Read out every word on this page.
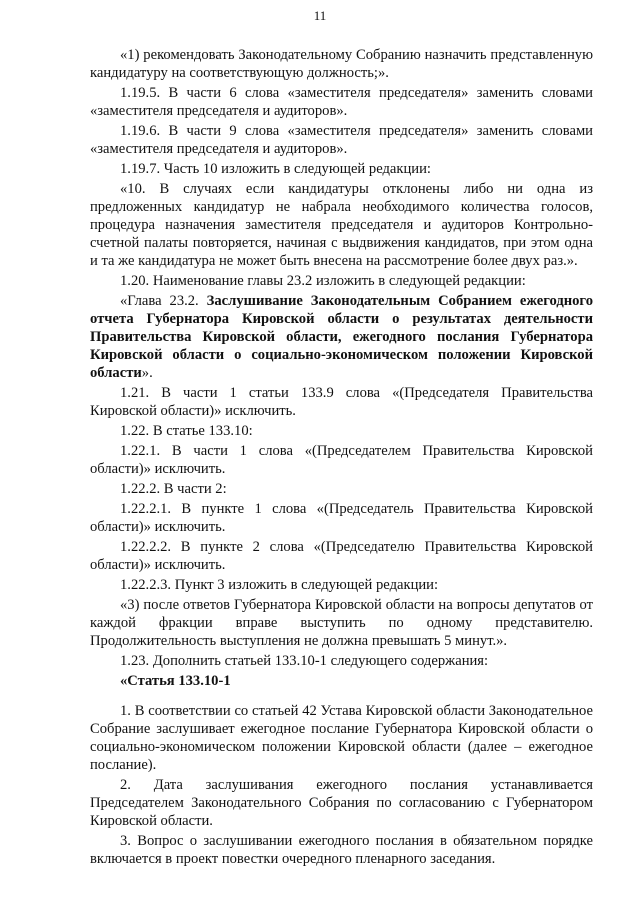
11

«1) рекомендовать Законодательному Собранию назначить представленную кандидатуру на соответствующую должность;».

1.19.5. В части 6 слова «заместителя председателя» заменить словами «заместителя председателя и аудиторов».

1.19.6. В части 9 слова «заместителя председателя» заменить словами «заместителя председателя и аудиторов».

1.19.7. Часть 10 изложить в следующей редакции:

«10. В случаях если кандидатуры отклонены либо ни одна из предложенных кандидатур не набрала необходимого количества голосов, процедура назначения заместителя председателя и аудиторов Контрольно-счетной палаты повторяется, начиная с выдвижения кандидатов, при этом одна и та же кандидатура не может быть внесена на рассмотрение более двух раз.».

1.20. Наименование главы 23.2 изложить в следующей редакции:

«Глава 23.2. Заслушивание Законодательным Собранием ежегодного отчета Губернатора Кировской области о результатах деятельности Правительства Кировской области, ежегодного послания Губернатора Кировской области о социально-экономическом положении Кировской области».

1.21. В части 1 статьи 133.9 слова «(Председателя Правительства Кировской области)» исключить.

1.22. В статье 133.10:

1.22.1. В части 1 слова «(Председателем Правительства Кировской области)» исключить.

1.22.2. В части 2:

1.22.2.1. В пункте 1 слова «(Председатель Правительства Кировской области)» исключить.

1.22.2.2. В пункте 2 слова «(Председателю Правительства Кировской области)» исключить.

1.22.2.3. Пункт 3 изложить в следующей редакции:

«3) после ответов Губернатора Кировской области на вопросы депутатов от каждой фракции вправе выступить по одному представителю. Продолжительность выступления не должна превышать 5 минут.».

1.23. Дополнить статьей 133.10-1 следующего содержания:

«Статья 133.10-1

1. В соответствии со статьей 42 Устава Кировской области Законодательное Собрание заслушивает ежегодное послание Губернатора Кировской области о социально-экономическом положении Кировской области (далее – ежегодное послание).

2. Дата заслушивания ежегодного послания устанавливается Председателем Законодательного Собрания по согласованию с Губернатором Кировской области.

3. Вопрос о заслушивании ежегодного послания в обязательном порядке включается в проект повестки очередного пленарного заседания.
